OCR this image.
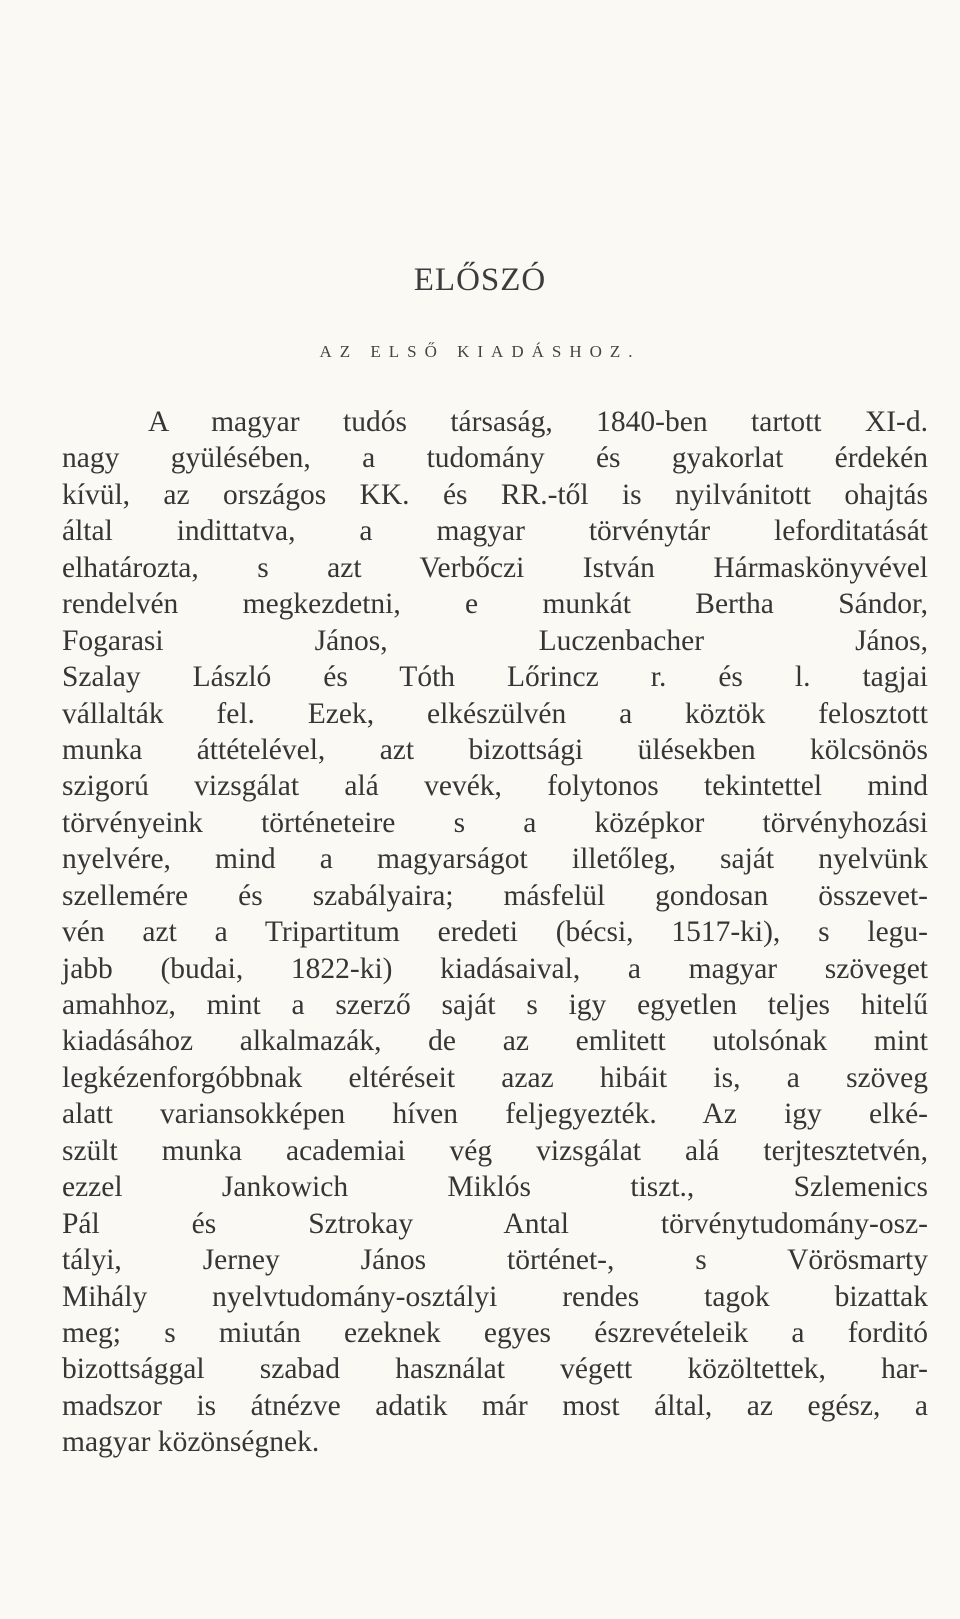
ELŐSZÓ
AZ ELSŐ KIADÁSHOZ.
A magyar tudós társaság, 1840-ben tartott XI-d.
nagy gyülésében, a tudomány és gyakorlat érdekén
kívül, az országos KK. és RR.-től is nyilvánitott ohajtás
által indittatva, a magyar törvénytár leforditatását
elhatározta, s azt Verbőczi István Hármaskönyvével
rendelvén megkezdetni, e munkát Bertha Sándor,
Fogarasi János, Luczenbacher János,
Szalay László és Tóth Lőrincz r. és l. tagjai
vállalták fel. Ezek, elkészülvén a köztök felosztott
munka áttételével, azt bizottsági ülésekben kölcsönös
szigorú vizsgálat alá vevék, folytonos tekintettel mind
törvényeink történeteire s a középkor törvényhozási
nyelvére, mind a magyarságot illetőleg, saját nyelvünk
szellemére és szabályaira; másfelül gondosan összevet-
vén azt a Tripartitum eredeti (bécsi, 1517-ki), s legu-
jabb (budai, 1822-ki) kiadásaival, a magyar szöveget
amahhoz, mint a szerző saját s igy egyetlen teljes hitelű
kiadásához alkalmazák, de az emlitett utolsónak mint
legkézenforgóbbnak eltéréseit azaz hibáit is, a szöveg
alatt variansokképen híven feljegyezték. Az igy elké-
szült munka academiai vég vizsgálat alá terjtesztetvén,
ezzel Jankowich Miklós tiszt., Szlemenics
Pál és Sztrokay Antal törvénytudomány-osz-
tályi, Jerney János történet-, s Vörösmarty
Mihály nyelvtudomány-osztályi rendes tagok bizattak
meg; s miután ezeknek egyes észrevételeik a forditó
bizottsággal szabad használat végett közöltettek, har-
madszor is átnézve adatik már most által, az egész, a
magyar közönségnek.
